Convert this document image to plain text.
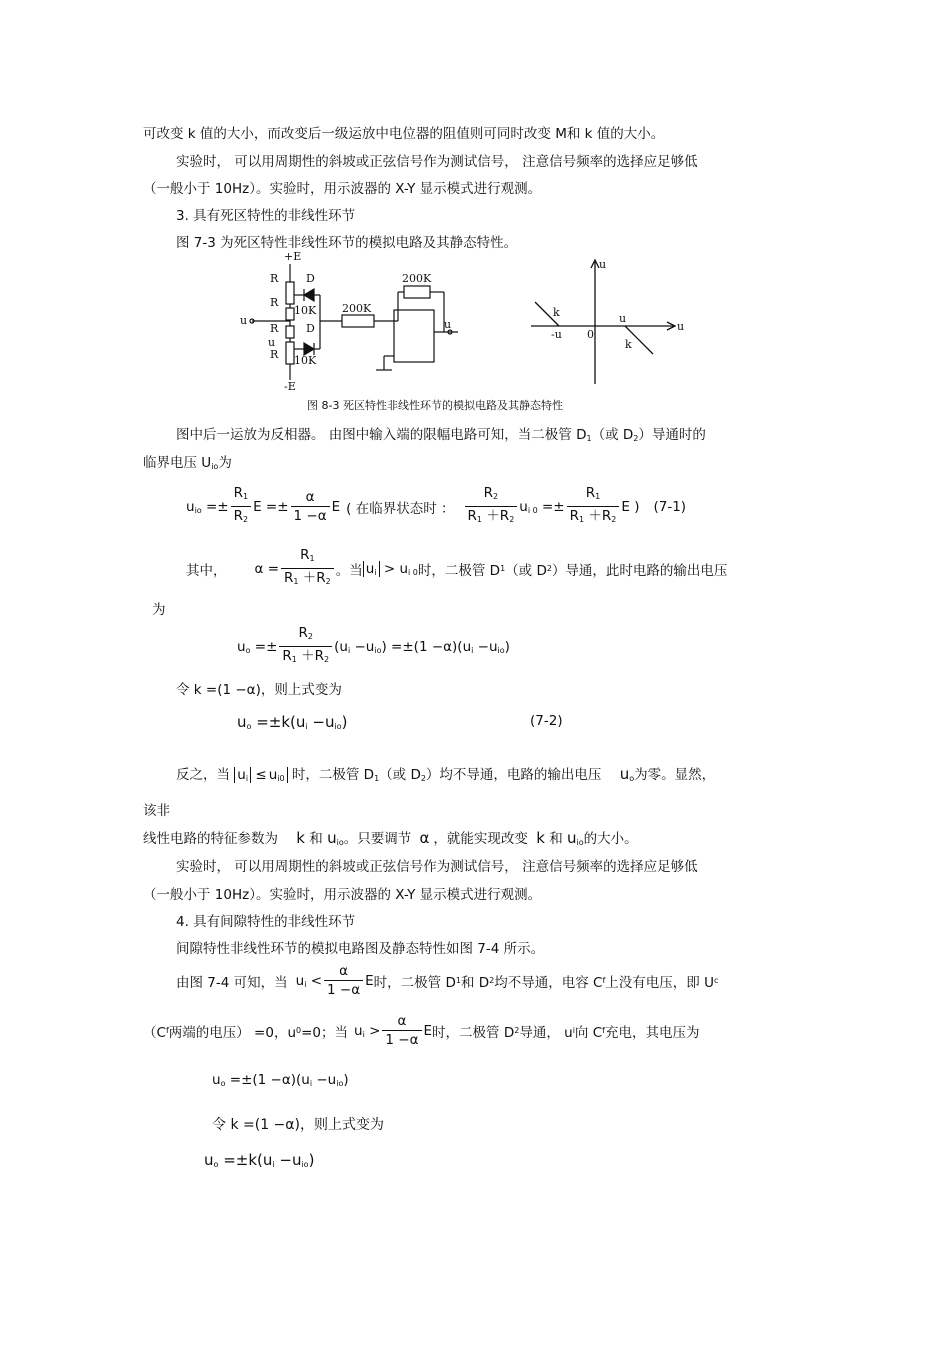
可改变 k 值的大小，而改变后一级运放中电位器的阻值则可同时改变 M和 k 值的大小。
实验时， 可以用周期性的斜坡或正弦信号作为测试信号， 注意信号频率的选择应足够低
（一般小于 10Hz）。实验时，用示波器的 X-Y 显示模式进行观测。
3. 具有死区特性的非线性环节
图 7-3 为死区特性非线性环节的模拟电路及其静态特性。
+E
-E
R
R
R
R
D
D
10K
10K
200K
200K
u
u
u
u
u
k
k
0
-u
u
图 8-3 死区特性非线性环节的模拟电路及其静态特性
图中后一运放为反相器。 由图中输入端的限幅电路可知，当二极管 $D_1$（或 $D_2$）导通时的
临界电压 $U_{io}$为
$u_{io} =\pm \frac{R_1}{R_2}$ $E =\pm \frac{\alpha}{1 -\alpha}$ E ( 在临界状态时 ： $\frac{R_2}{R_1 +R_2} u_{i 0} =\pm \frac{R_1}{R_1 +R_2}$ E ) (7-1)
其中， $\alpha = \frac{R_1}{R_1 +R_2}$ 。当 $u_i > u_{i 0}$ 时，二极管 D 1 （或 D 2 ）导通，此时电路的输出电压
为
$u_o =\pm \frac{R_2}{R_1 +R_2} (u_i -u_{io}) =\pm(1 -\alpha)(u_i -u_{io})$
令 k =(1 −α)，则上式变为
$u_o =\pm k(u_i -u_{io})$	(7-2)
反之，当 $u_i \le u_{i0}$ 时，二极管 $D_1$（或 $D_2$）均不导通，电路的输出电压 $u_o$为零。显然，
该非
线性电路的特征参数为 k 和 $u_{io}$。只要调节 α ，就能实现改变 k 和 $u_{io}$的大小。
实验时， 可以用周期性的斜坡或正弦信号作为测试信号， 注意信号频率的选择应足够低
（一般小于 10Hz）。实验时，用示波器的 X-Y 显示模式进行观测。
4. 具有间隙特性的非线性环节
间隙特性非线性环节的模拟电路图及静态特性如图 7-4 所示。
由图 7-4 可知，当 $u_i < \frac{\alpha}{1 -\alpha}$ E 时，二极管 D 1 和 D 2 均不导通，电容 C f 上没有电压，即 U c
（C f 两端的电压） =0，u 0 =0；当 $u_i > \frac{\alpha}{1 -\alpha}$ E 时，二极管 D 2 导通， u i 向 C f 充电，其电压为
$u_o =\pm(1 -\alpha)(u_i -u_{io})$
令 k =(1 −α)，则上式变为
$u_o =\pm k(u_i -u_{io})$
